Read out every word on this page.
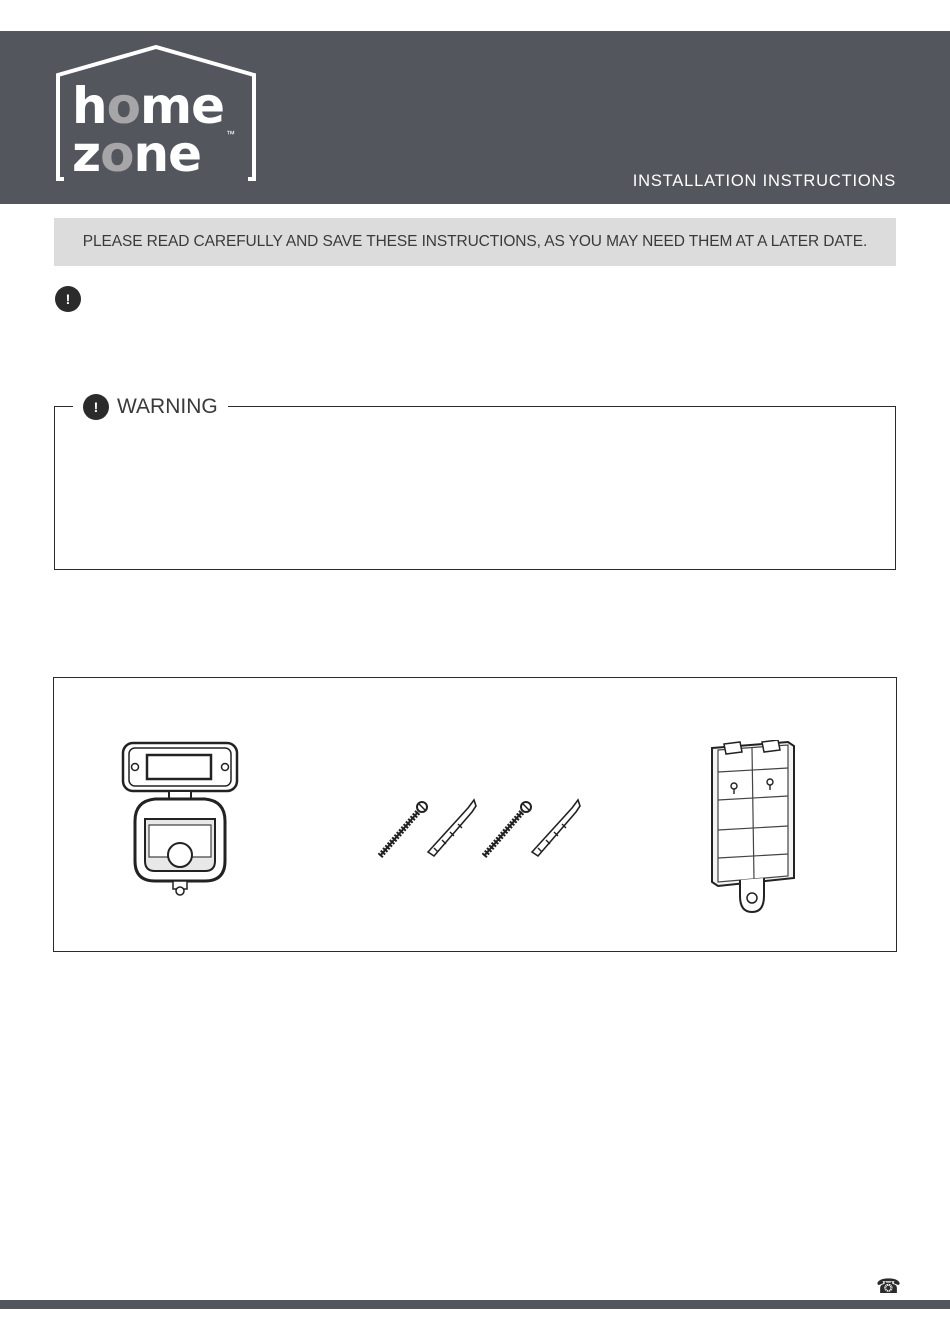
home
zone	™
INSTALLATION INSTRUCTIONS
PLEASE READ CAREFULLY AND SAVE THESE INSTRUCTIONS, AS YOU MAY NEED THEM AT A LATER DATE.
!
! WARNING
☎
